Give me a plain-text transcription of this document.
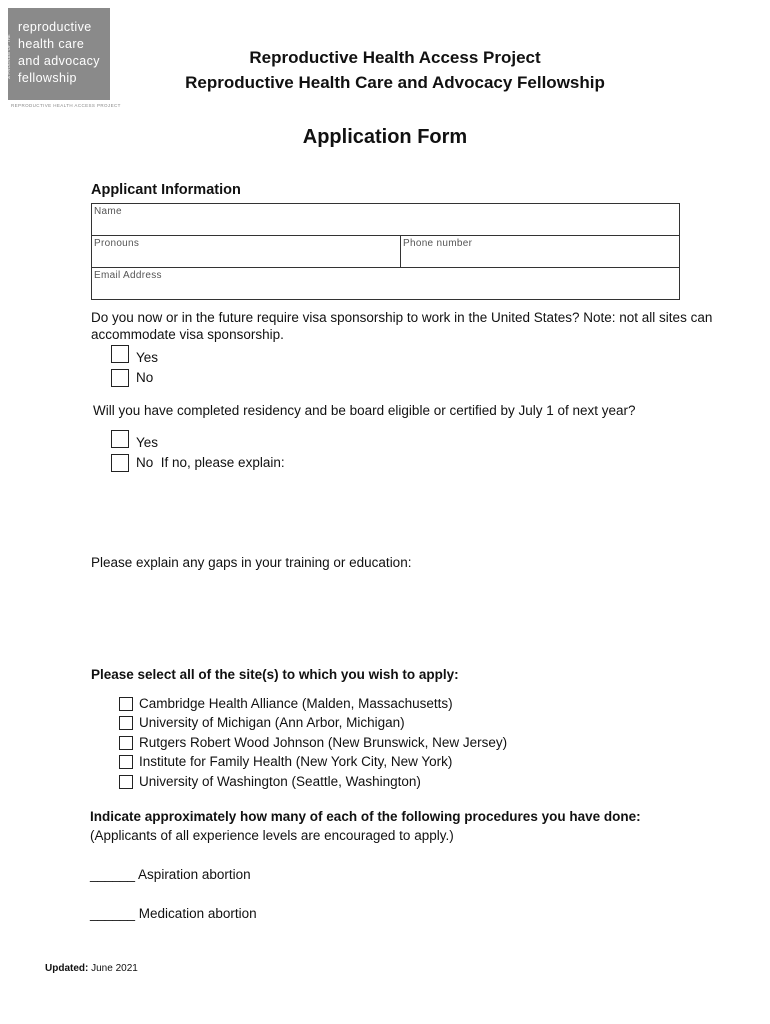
A PROGRAM OF THE
reproductive
health care
and advocacy
fellowship
REPRODUCTIVE HEALTH ACCESS PROJECT
Reproductive Health Access Project
Reproductive Health Care and Advocacy Fellowship
Application Form
Applicant Information
Name
Pronouns	Phone number
Email Address
Do you now or in the future require visa sponsorship to work in the United States? Note: not all sites can accommodate visa sponsorship.
Yes
No
Will you have completed residency and be board eligible or certified by July 1 of next year?
Yes
No  If no, please explain:
Please explain any gaps in your training or education:
Please select all of the site(s) to which you wish to apply:
Cambridge Health Alliance (Malden, Massachusetts)
University of Michigan (Ann Arbor, Michigan)
Rutgers Robert Wood Johnson (New Brunswick, New Jersey)
Institute for Family Health (New York City, New York)
University of Washington (Seattle, Washington)
Indicate approximately how many of each of the following procedures you have done:
(Applicants of all experience levels are encouraged to apply.)
______ Aspiration abortion
______ Medication abortion
Updated: June 2021
